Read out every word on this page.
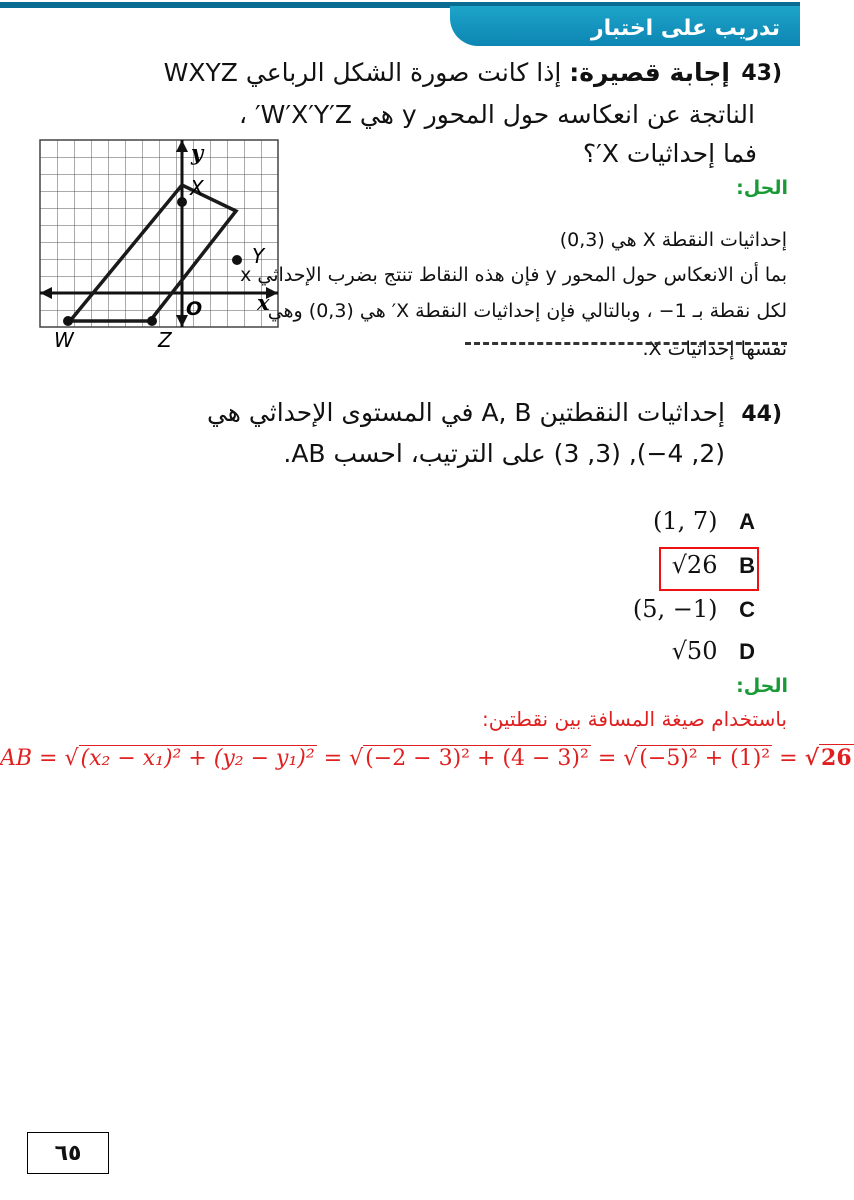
تدريب على اختبار
43)
إجابة قصيرة: إذا كانت صورة الشكل الرباعي WXYZ
الناتجة عن انعكاسه حول المحور y هي W′X′Y′Z′ ،
فما إحداثيات X′؟
y
x
O
X
Y
Z
W
الحل:
إحداثيات النقطة X هي (0,3)
بما أن الانعكاس حول المحور y فإن هذه النقاط تنتج بضرب الإحداثي x
لكل نقطة بـ 1− ، وبالتالي فإن إحداثيات النقطة X′ هي (0,3) وهي
نفسها إحداثيات X.
44)
إحداثيات النقطتين A, B في المستوى الإحداثي هي
(2, 4−), (3, 3) على الترتيب، احسب AB.
(1, 7) A
√26 B
(5, −1) C
√50 D
الحل:
باستخدام صيغة المسافة بين نقطتين:
AB = √(x₂ − x₁)² + (y₂ − y₁)² = √(−2 − 3)² + (4 − 3)² = √(−5)² + (1)² = √26
٦٥
